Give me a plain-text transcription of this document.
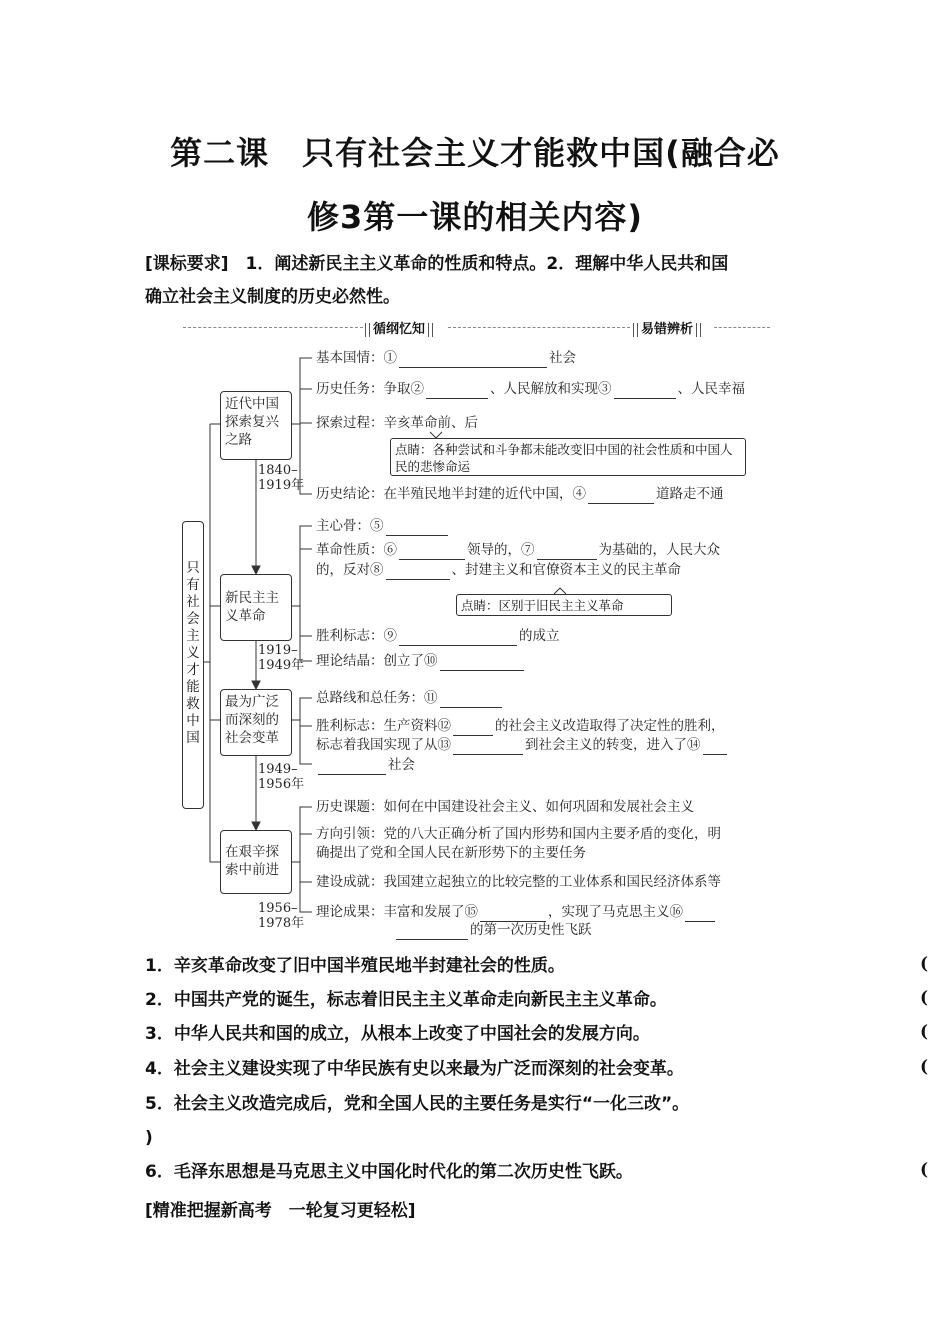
第二课　只有社会主义才能救中国(融合必
修3第一课的相关内容)
[课标要求]　1．阐述新民主主义革命的性质和特点。2．理解中华人民共和国
确立社会主义制度的历史必然性。
循纲忆知	易错辨析
只
有
社
会
主
义
才
能
救
中
国
近代中国探索复兴之路
1840–
1919年
新民主主义革命
1919–
1949年
最为广泛而深刻的社会变革
1949–
1956年
在艰辛探索中前进
1956–
1978年
基本国情：①	社会
历史任务：争取②	、人民解放和实现③	、人民幸福
探索过程：辛亥革命前、后
点睛：各种尝试和斗争都未能改变旧中国的社会性质和中国人民的悲惨命运
历史结论：在半殖民地半封建的近代中国，④	道路走不通
主心骨：⑤
革命性质：⑥	领导的，⑦	为基础的，人民大众
的，反对⑧	、封建主义和官僚资本主义的民主革命
点睛：区别于旧民主主义革命
胜利标志：⑨	的成立
理论结晶：创立了⑩
总路线和总任务：⑪
胜利标志：生产资料⑫	的社会主义改造取得了决定性的胜利，
标志着我国实现了从⑬	到社会主义的转变，进入了⑭
社会
历史课题：如何在中国建设社会主义、如何巩固和发展社会主义
方向引领：党的八大正确分析了国内形势和国内主要矛盾的变化，明
确提出了党和全国人民在新形势下的主要任务
建设成就：我国建立起独立的比较完整的工业体系和国民经济体系等
理论成果：丰富和发展了⑮	，实现了马克思主义⑯
的第一次历史性飞跃
1．辛亥革命改变了旧中国半殖民地半封建社会的性质。	(
2．中国共产党的诞生，标志着旧民主主义革命走向新民主主义革命。	(
3．中华人民共和国的成立，从根本上改变了中国社会的发展方向。	(
4．社会主义建设实现了中华民族有史以来最为广泛而深刻的社会变革。	(
5．社会主义改造完成后，党和全国人民的主要任务是实行“一化三改”。
)
6．毛泽东思想是马克思主义中国化时代化的第二次历史性飞跃。	(
[精准把握新高考　一轮复习更轻松]
